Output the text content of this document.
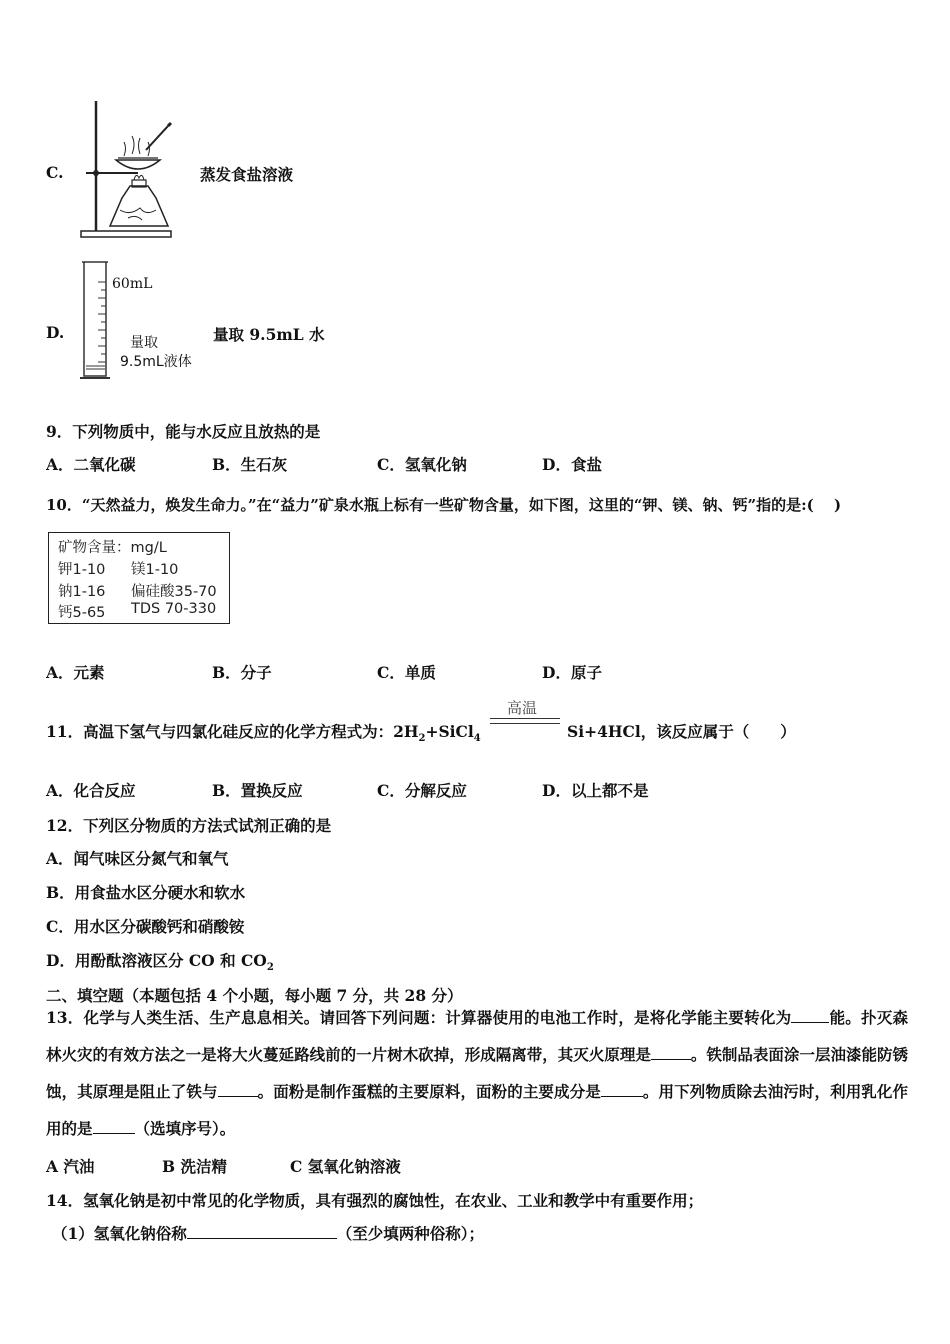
C.	蒸发食盐溶液
D.
60mL
量取
9.5mL液体
量取 9.5mL 水
9．下列物质中，能与水反应且放热的是
A．二氧化碳	B．生石灰	C．氢氧化钠	D．食盐
10．“天然益力，焕发生命力。”在“益力”矿泉水瓶上标有一些矿物含量，如下图，这里的“钾、镁、钠、钙”指的是:(　 )
矿物含量：mg/L
钾1-10 镁1-10
钠1-16 偏硅酸35-70
钙5-65 TDS 70-330
A．元素	B．分子	C．单质	D．原子
11．高温下氢气与四氯化硅反应的化学方程式为：$2H_2+SiCl_4$
高温
Si+4HCl，该反应属于（　　）
A．化合反应	B．置换反应	C．分解反应	D．以上都不是
12．下列区分物质的方法式试剂正确的是
A．闻气味区分氮气和氧气
B．用食盐水区分硬水和软水
C．用水区分碳酸钙和硝酸铵
D．用酚酞溶液区分 CO 和 $CO_2$
二、填空题（本题包括 4 个小题，每小题 7 分，共 28 分）
13．化学与人类生活、生产息息相关。请回答下列问题：计算器使用的电池工作时，是将化学能主要转化为 能。扑灭森林火灾的有效方法之一是将大火蔓延路线前的一片树木砍掉，形成隔离带，其灭火原理是	。铁制品表面涂一层油漆能防锈蚀，其原理是阻止了铁与	。面粉是制作蛋糕的主要原料，面粉的主要成分是	。用下列物质除去油污时，利用乳化作用的是	（选填序号）。
A 汽油	B 洗洁精	C 氢氧化钠溶液
14．氢氧化钠是初中常见的化学物质，具有强烈的腐蚀性，在农业、工业和教学中有重要作用；
（1）氢氧化钠俗称	（至少填两种俗称）；
